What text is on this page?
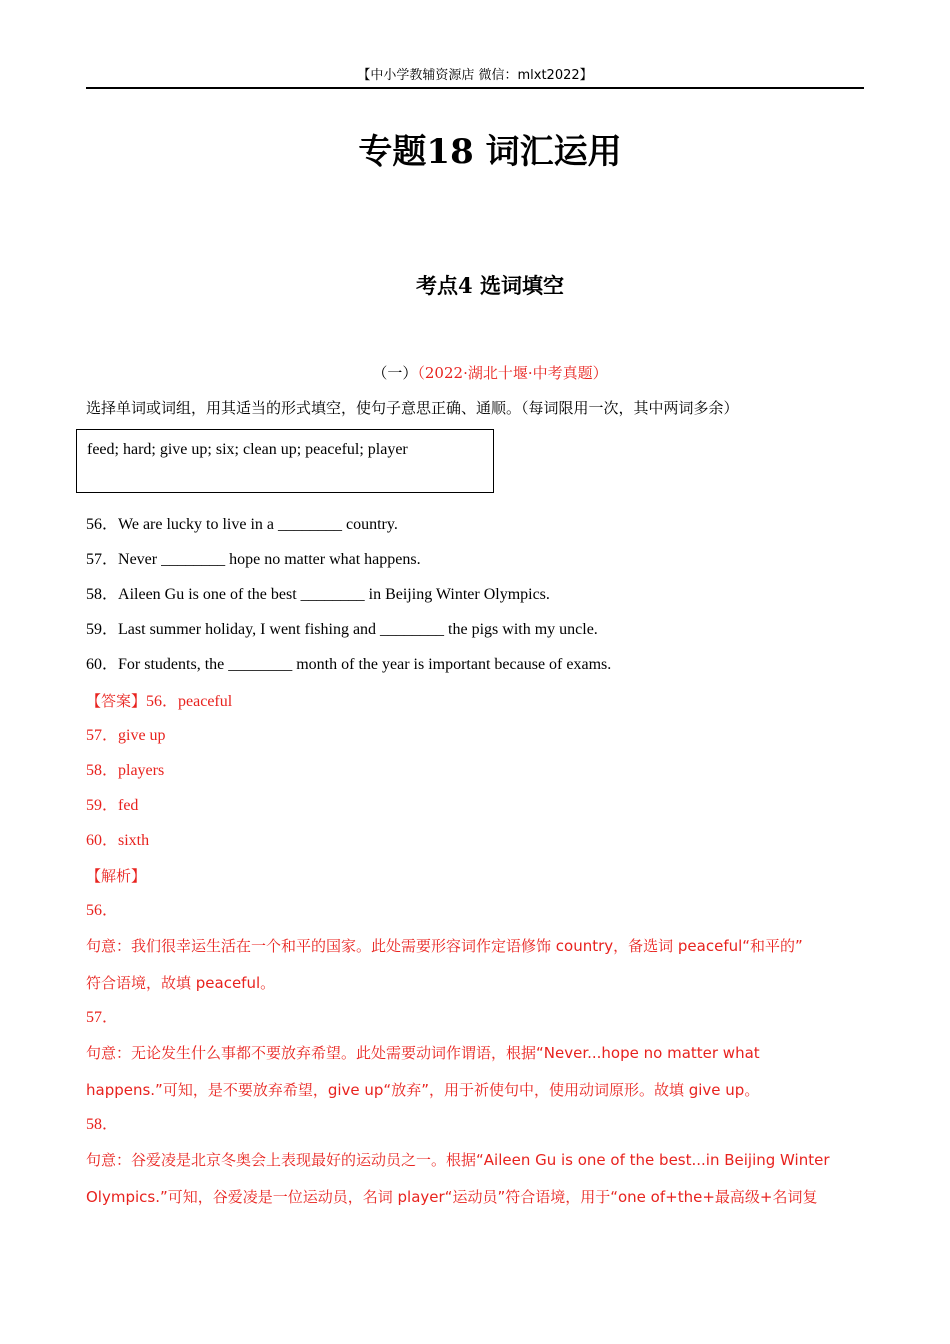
【中小学教辅资源店 微信：mlxt2022】
专题18 词汇运用
考点4 选词填空
（一）（2022·湖北十堰·中考真题）
选择单词或词组，用其适当的形式填空，使句子意思正确、通顺。（每词限用一次，其中两词多余）
feed; hard; give up; six; clean up; peaceful; player
56．We are lucky to live in a ________ country.
57．Never ________ hope no matter what happens.
58．Aileen Gu is one of the best ________ in Beijing Winter Olympics.
59．Last summer holiday, I went fishing and ________ the pigs with my uncle.
60．For students, the ________ month of the year is important because of exams.
【答案】56．peaceful
57．give up
58．players
59．fed
60．sixth
【解析】
56．
句意：我们很幸运生活在一个和平的国家。此处需要形容词作定语修饰 country，备选词 peaceful“和平的”
符合语境，故填 peaceful。
57．
句意：无论发生什么事都不要放弃希望。此处需要动词作谓语，根据“Never...hope no matter what
happens.”可知，是不要放弃希望，give up“放弃”，用于祈使句中，使用动词原形。故填 give up。
58．
句意：谷爱凌是北京冬奥会上表现最好的运动员之一。根据“Aileen Gu is one of the best...in Beijing Winter
Olympics.”可知，谷爱凌是一位运动员，名词 player“运动员”符合语境，用于“one of+the+最高级+名词复
